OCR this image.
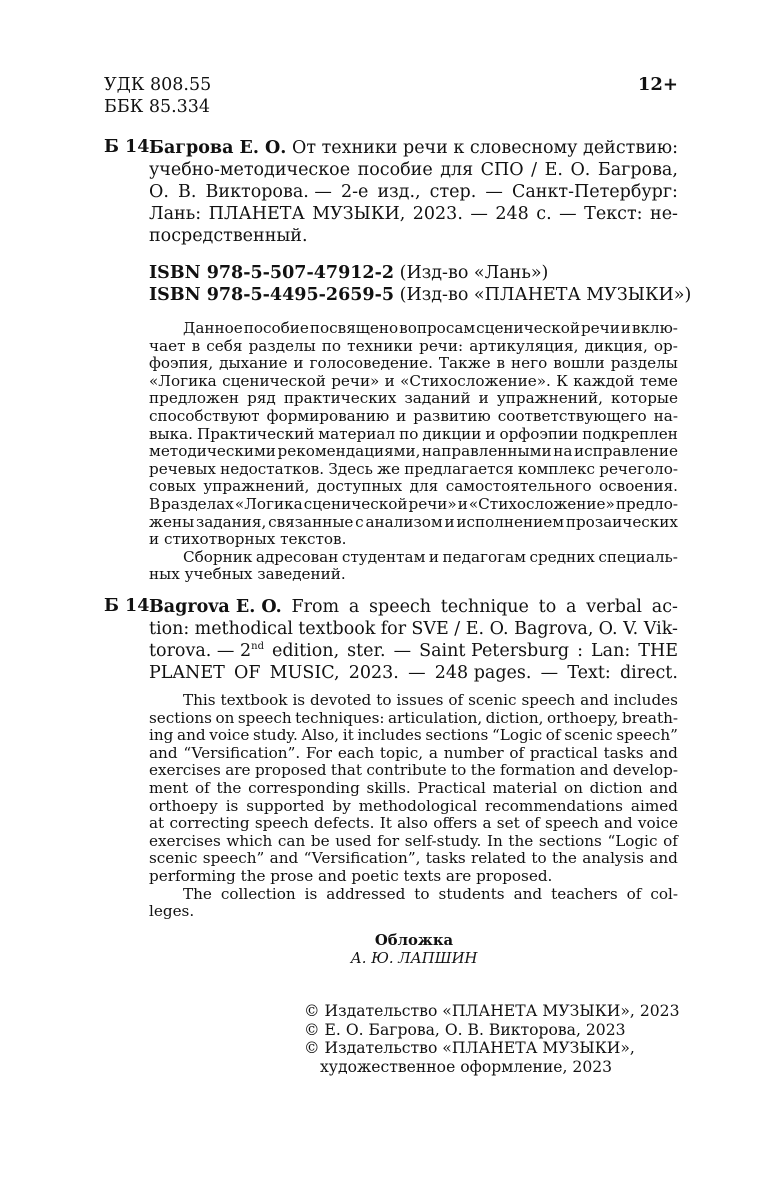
УДК 808.55
ББК 85.334
12+
Б 14 Багрова Е. О. От техники речи к словесному действию:
учебно-методическое пособие для СПО / Е. О. Багрова,
О. В. Викторова. — 2-е изд., стер. — Санкт-Петербург:
Лань: ПЛАНЕТА МУЗЫКИ, 2023. — 248 с. — Текст: не-
посредственный.
ISBN 978-5-507-47912-2 (Изд-во «Лань»)
ISBN 978-5-4495-2659-5 (Изд-во «ПЛАНЕТА МУЗЫКИ»)
Данное пособие посвящено вопросам сценической речи и вклю-
чает в себя разделы по техники речи: артикуляция, дикция, ор-
фоэпия, дыхание и голосоведение. Также в него вошли разделы
«Логика сценической речи» и «Стихосложение». К каждой теме
предложен ряд практических заданий и упражнений, которые
способствуют формированию и развитию соответствующего на-
выка. Практический материал по дикции и орфоэпии подкреплен
методическими рекомендациями, направленными на исправление
речевых недостатков. Здесь же предлагается комплекс речеголо-
совых упражнений, доступных для самостоятельного освоения.
В разделах «Логика сценической речи» и «Стихосложение» предло-
жены задания, связанные с анализом и исполнением прозаических
и стихотворных текстов.
Сборник адресован студентам и педагогам средних специаль-
ных учебных заведений.
Б 14 Bagrova E. O. From a speech technique to a verbal ac-
tion: methodical textbook for SVE / E. O. Bagrova, O. V. Vik-
torova. — 2nd edition, ster. — Saint Petersburg : Lan: THE
PLANET OF MUSIC, 2023. — 248 pages. — Text: direct.
This textbook is devoted to issues of scenic speech and includes
sections on speech techniques: articulation, diction, orthoepy, breath-
ing and voice study. Also, it includes sections “Logic of scenic speech”
and “Versification”. For each topic, a number of practical tasks and
exercises are proposed that contribute to the formation and develop-
ment of the corresponding skills. Practical material on diction and
orthoepy is supported by methodological recommendations aimed
at correcting speech defects. It also offers a set of speech and voice
exercises which can be used for self-study. In the sections “Logic of
scenic speech” and “Versification”, tasks related to the analysis and
performing the prose and poetic texts are proposed.
The collection is addressed to students and teachers of col-
leges.
Обложка
А. Ю. ЛАПШИН
© Издательство «ПЛАНЕТА МУЗЫКИ», 2023
© Е. О. Багрова, О. В. Викторова, 2023
© Издательство «ПЛАНЕТА МУЗЫКИ»,
художественное оформление, 2023
